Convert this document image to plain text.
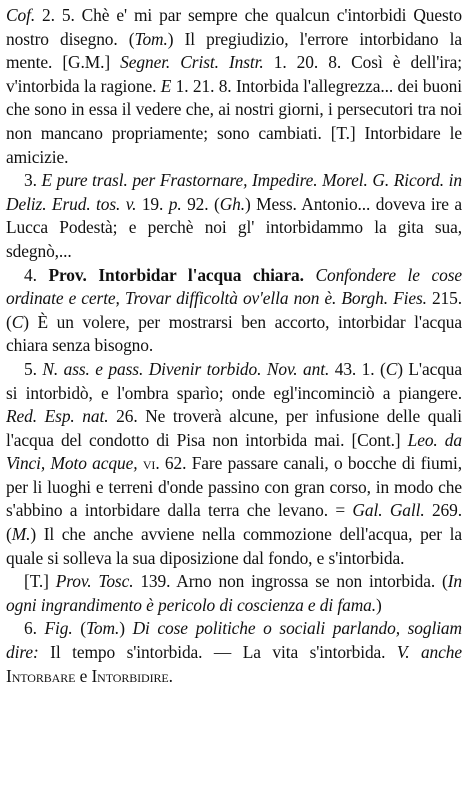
Cof. 2. 5. Chè e' mi par sempre che qualcun c'intorbidi Questo nostro disegno. (Tom.) Il pregiudizio, l'errore intorbidano la mente. [G.M.] Segner. Crist. Instr. 1. 20. 8. Così è dell'ira; v'intorbida la ragione. E 1. 21. 8. Intorbida l'allegrezza... dei buoni che sono in essa il vedere che, ai nostri giorni, i persecutori tra noi non mancano propriamente; sono cambiati. [T.] Intorbidare le amicizie.

3. E pure trasl. per Frastornare, Impedire. Morel. G. Ricord. in Deliz. Erud. tos. v. 19. p. 92. (Gh.) Mess. Antonio... doveva ire a Lucca Podestà; e perchè noi gl' intorbidammo la gita sua, sdegnò,...

4. Prov. Intorbidar l'acqua chiara. Confondere le cose ordinate e certe, Trovar difficoltà ov'ella non è. Borgh. Fies. 215. (C) È un volere, per mostrarsi ben accorto, intorbidar l'acqua chiara senza bisogno.

5. N. ass. e pass. Divenir torbido. Nov. ant. 43. 1. (C) L'acqua si intorbidò, e l'ombra sparìo; onde egl'incominciò a piangere. Red. Esp. nat. 26. Ne troverà alcune, per infusione delle quali l'acqua del condotto di Pisa non intorbida mai. [Cont.] Leo. da Vinci, Moto acque, vi. 62. Fare passare canali, o bocche di fiumi, per li luoghi e terreni d'onde passino con gran corso, in modo che s'abbino a intorbidare dalla terra che levano. = Gal. Gall. 269. (M.) Il che anche avviene nella commozione dell'acqua, per la quale si solleva la sua diposizione dal fondo, e s'intorbida.

[T.] Prov. Tosc. 139. Arno non ingrossa se non intorbida. (In ogni ingrandimento è pericolo di coscienza e di fama.)

6. Fig. (Tom.) Di cose politiche o sociali parlando, sogliam dire: Il tempo s'intorbida. — La vita s'intorbida. V. anche Intorbare e Intorbidire.
